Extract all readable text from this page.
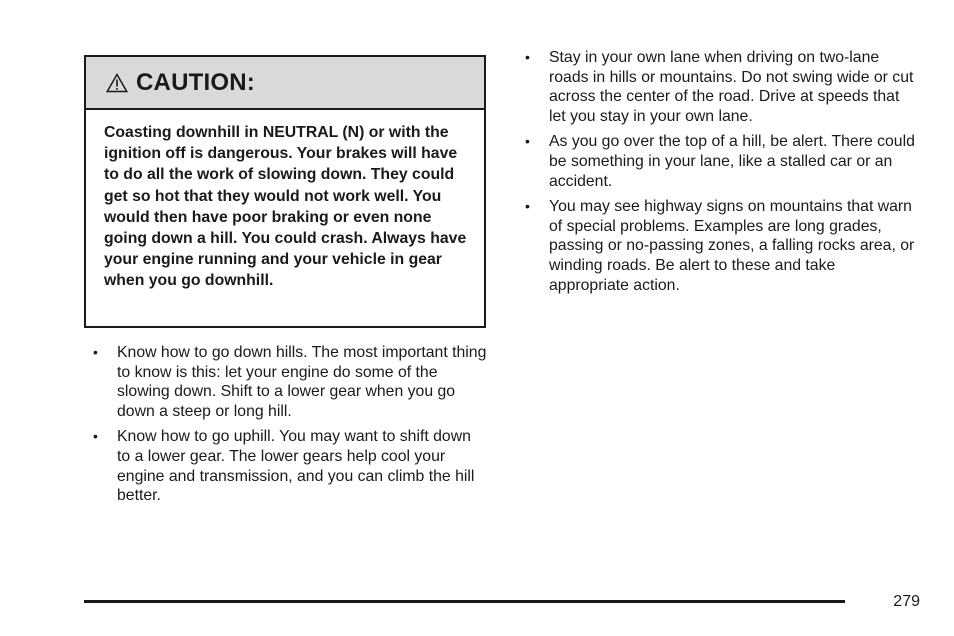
CAUTION:
Coasting downhill in NEUTRAL (N) or with the ignition off is dangerous. Your brakes will have to do all the work of slowing down. They could get so hot that they would not work well. You would then have poor braking or even none going down a hill. You could crash. Always have your engine running and your vehicle in gear when you go downhill.
•	Know how to go down hills. The most important thing to know is this: let your engine do some of the slowing down. Shift to a lower gear when you go down a steep or long hill.
•	Know how to go uphill. You may want to shift down to a lower gear. The lower gears help cool your engine and transmission, and you can climb the hill better.
•	Stay in your own lane when driving on two-lane roads in hills or mountains. Do not swing wide or cut across the center of the road. Drive at speeds that let you stay in your own lane.
•	As you go over the top of a hill, be alert. There could be something in your lane, like a stalled car or an accident.
•	You may see highway signs on mountains that warn of special problems. Examples are long grades, passing or no-passing zones, a falling rocks area, or winding roads. Be alert to these and take appropriate action.
279
